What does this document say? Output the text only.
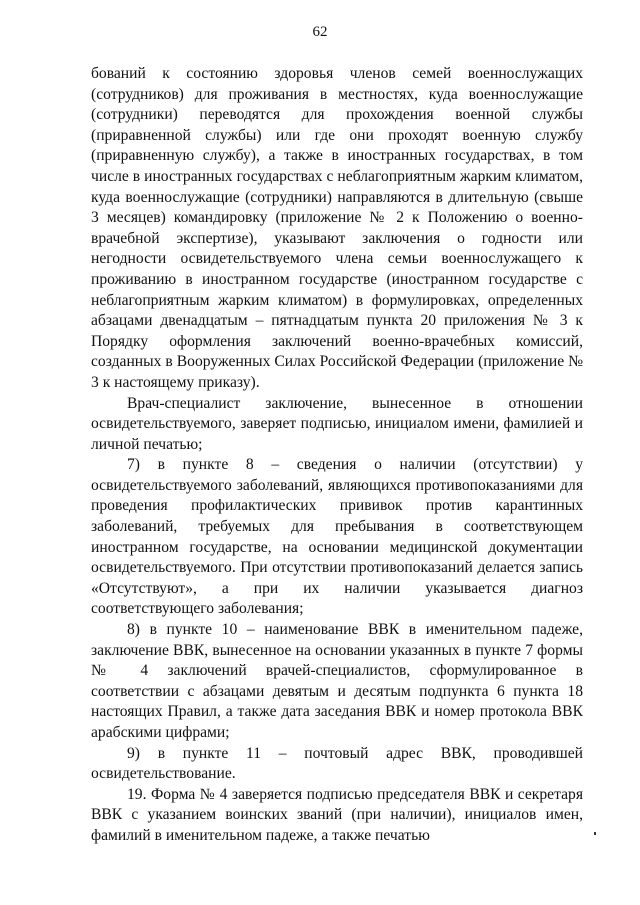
62

бований к состоянию здоровья членов семей военнослужащих (сотрудников) для проживания в местностях, куда военнослужащие (сотрудники) переводятся для прохождения военной службы (приравненной службы) или где они проходят военную службу (приравненную службу), а также в иностранных государствах, в том числе в иностранных государствах с неблагоприятным жарким климатом, куда военнослужащие (сотрудники) направляются в длительную (свыше 3 месяцев) командировку (приложение № 2 к Положению о военно-врачебной экспертизе), указывают заключения о годности или негодности освидетельствуемого члена семьи военнослужащего к проживанию в иностранном государстве (иностранном государстве с неблагоприятным жарким климатом) в формулировках, определенных абзацами двенадцатым – пятнадцатым пункта 20 приложения № 3 к Порядку оформления заключений военно-врачебных комиссий, созданных в Вооруженных Силах Российской Федерации (приложение № 3 к настоящему приказу).

Врач-специалист заключение, вынесенное в отношении освидетельствуемого, заверяет подписью, инициалом имени, фамилией и личной печатью;

7) в пункте 8 – сведения о наличии (отсутствии) у освидетельствуемого заболеваний, являющихся противопоказаниями для проведения профилактических прививок против карантинных заболеваний, требуемых для пребывания в соответствующем иностранном государстве, на основании медицинской документации освидетельствуемого. При отсутствии противопоказаний делается запись «Отсутствуют», а при их наличии указывается диагноз соответствующего заболевания;

8) в пункте 10 – наименование ВВК в именительном падеже, заключение ВВК, вынесенное на основании указанных в пункте 7 формы № 4 заключений врачей-специалистов, сформулированное в соответствии с абзацами девятым и десятым подпункта 6 пункта 18 настоящих Правил, а также дата заседания ВВК и номер протокола ВВК арабскими цифрами;

9) в пункте 11 – почтовый адрес ВВК, проводившей освидетельствование.

19. Форма № 4 заверяется подписью председателя ВВК и секретаря ВВК с указанием воинских званий (при наличии), инициалов имен, фамилий в именительном падеже, а также печатью
